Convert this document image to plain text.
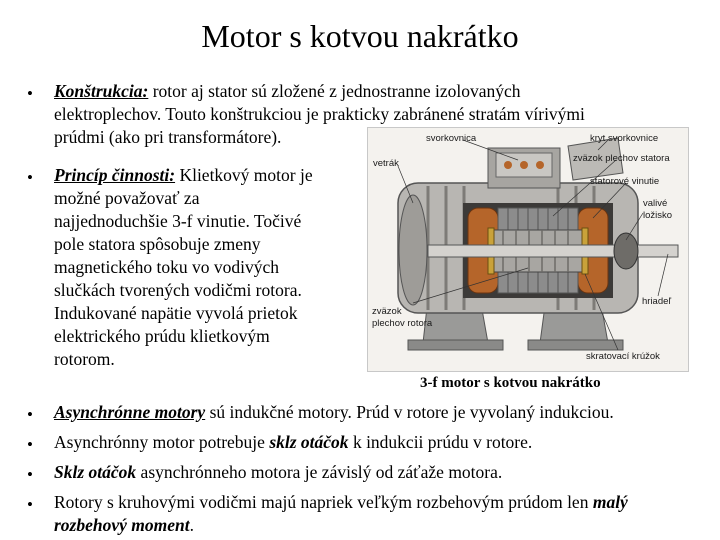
Motor s kotvou nakrátko
• Konštrukcia: rotor aj stator sú zložené z jednostranne izolovaných
elektroplechov. Touto konštrukciou je prakticky zabránené stratám vírivými
prúdmi (ako pri transformátore).
• Princíp činnosti: Klietkový motor je
možné považovať za
najjednoduchšie 3-f vinutie. Točivé
pole statora spôsobuje zmeny
magnetického toku vo vodivých
slučkách tvorených vodičmi rotora.
Indukované napätie vyvolá prietok
elektrického prúdu klietkovým
rotorom.
svorkovnica	kryt svorkovnice
vetrák	zväzok plechov statora
statorové vinutie
valivé
ložisko
hriadeľ
zväzok
plechov rotora
skratovací krúžok
3-f motor s kotvou nakrátko
• Asynchrónne motory sú indukčné motory. Prúd v rotore je vyvolaný indukciou.
• Asynchrónny motor potrebuje sklz otáčok k indukcii prúdu v rotore.
• Sklz otáčok asynchrónneho motora je závislý od záťaže motora.
• Rotory s kruhovými vodičmi majú napriek veľkým rozbehovým prúdom len malý
rozbehový moment.
